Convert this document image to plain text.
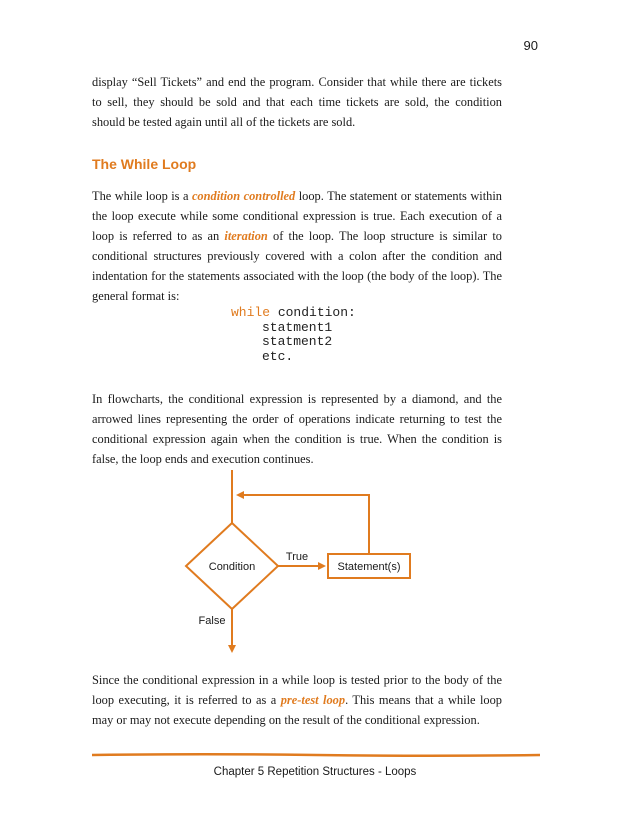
90

display “Sell Tickets” and end the program. Consider that while there are tickets to sell, they should be sold and that each time tickets are sold, the condition should be tested again until all of the tickets are sold.

The While Loop

The while loop is a condition controlled loop. The statement or statements within the loop execute while some conditional expression is true. Each execution of a loop is referred to as an iteration of the loop. The loop structure is similar to conditional structures previously covered with a colon after the condition and indentation for the statements associated with the loop (the body of the loop). The general format is:

while condition:
statment1
statment2
etc.

In flowcharts, the conditional expression is represented by a diamond, and the arrowed lines representing the order of operations indicate returning to test the conditional expression again when the condition is true. When the condition is false, the loop ends and execution continues.

Condition
True
Statement(s)
False

Since the conditional expression in a while loop is tested prior to the body of the loop executing, it is referred to as a pre-test loop. This means that a while loop may or may not execute depending on the result of the conditional expression.

Chapter 5 Repetition Structures - Loops
